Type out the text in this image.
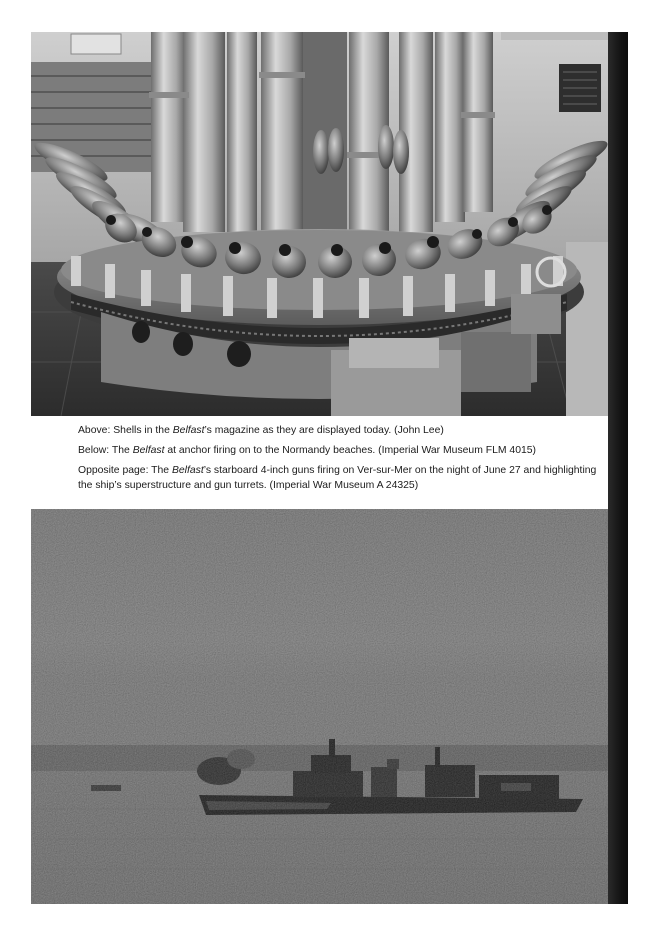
Above: Shells in the Belfast’s magazine as they are displayed today. (John Lee)

Below: The Belfast at anchor firing on to the Normandy beaches. (Imperial War Museum FLM 4015)

Opposite page: The Belfast’s starboard 4-inch guns firing on Ver-sur-Mer on the night of June 27 and highlighting the ship’s superstructure and gun turrets. (Imperial War Museum A 24325)
